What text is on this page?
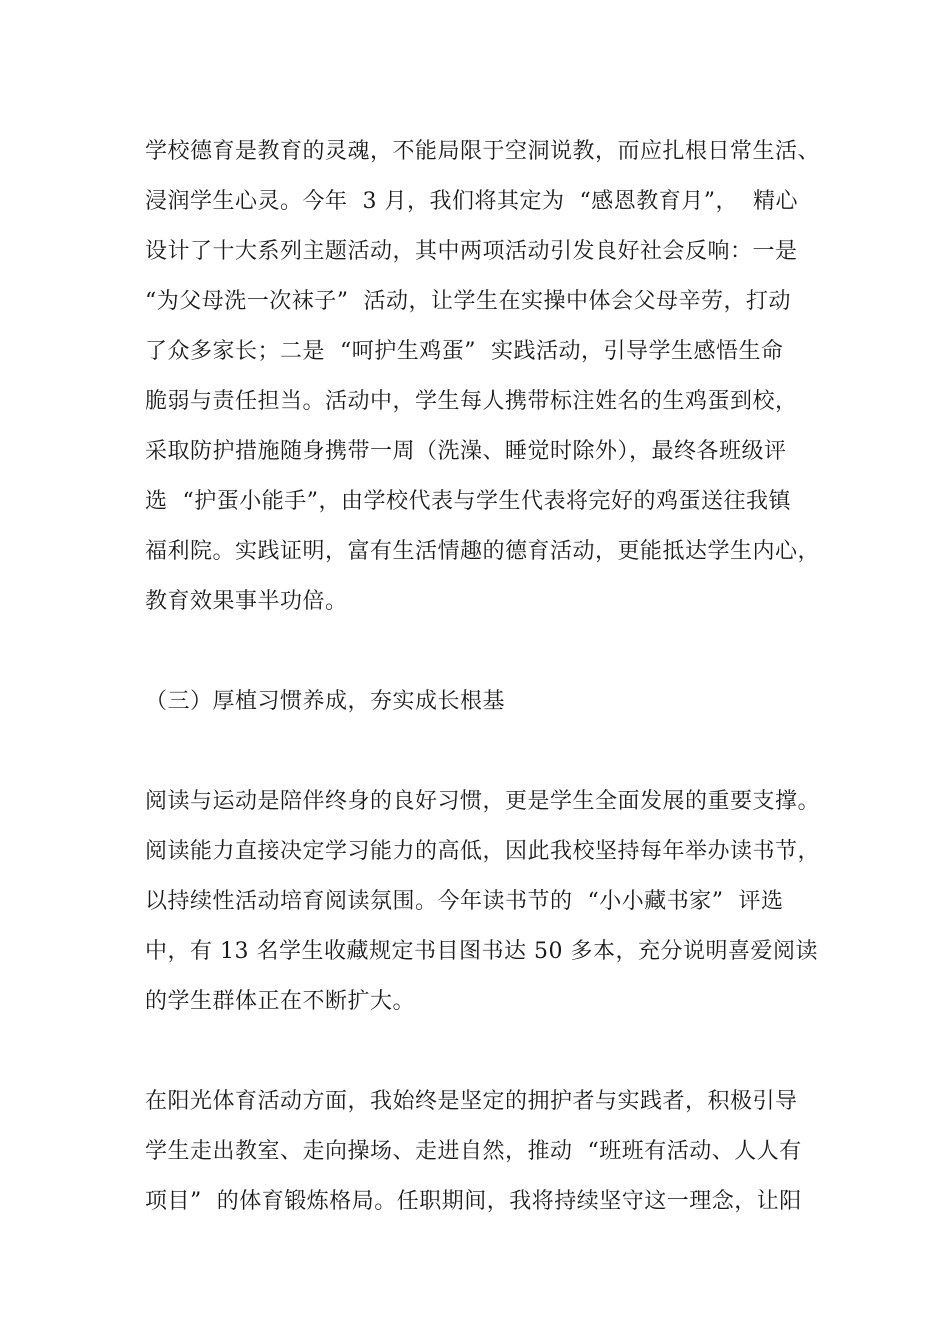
学校德育是教育的灵魂，不能局限于空洞说教，而应扎根日常生活、
浸润学生心灵。今年  3 月，我们将其定为  “感恩教育月”，  精心
设计了十大系列主题活动，其中两项活动引发良好社会反响：一是
“为父母洗一次袜子”  活动，让学生在实操中体会父母辛劳，打动
了众多家长；二是  “呵护生鸡蛋”  实践活动，引导学生感悟生命
脆弱与责任担当。活动中，学生每人携带标注姓名的生鸡蛋到校，
采取防护措施随身携带一周（洗澡、睡觉时除外），最终各班级评
选  “护蛋小能手”，由学校代表与学生代表将完好的鸡蛋送往我镇
福利院。实践证明，富有生活情趣的德育活动，更能抵达学生内心，
教育效果事半功倍。
（三）厚植习惯养成，夯实成长根基
阅读与运动是陪伴终身的良好习惯，更是学生全面发展的重要支撑。
阅读能力直接决定学习能力的高低，因此我校坚持每年举办读书节，
以持续性活动培育阅读氛围。今年读书节的  “小小藏书家”  评选
中，有 13 名学生收藏规定书目图书达 50 多本，充分说明喜爱阅读
的学生群体正在不断扩大。
在阳光体育活动方面，我始终是坚定的拥护者与实践者，积极引导
学生走出教室、走向操场、走进自然，推动  “班班有活动、人人有
项目”  的体育锻炼格局。任职期间，我将持续坚守这一理念，让阳
